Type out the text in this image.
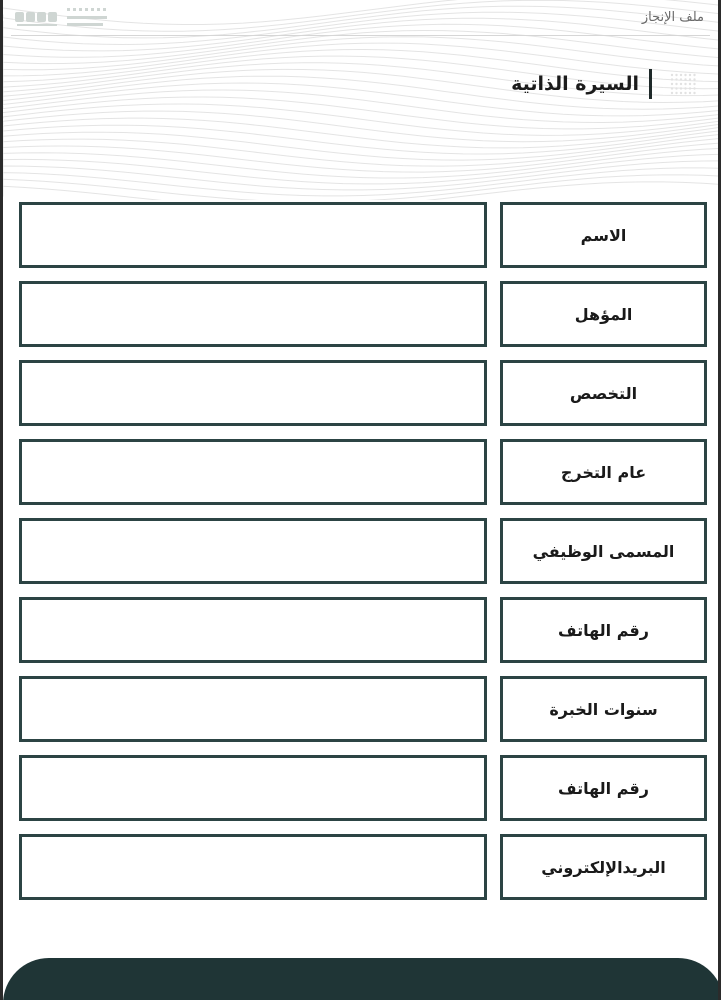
ملف الإنجاز
السيرة الذاتية
الاسم
المؤهل
التخصص
عام التخرج
المسمى الوظيفي
رقم الهاتف
سنوات الخبرة
رقم الهاتف
البريدالإلكتروني
